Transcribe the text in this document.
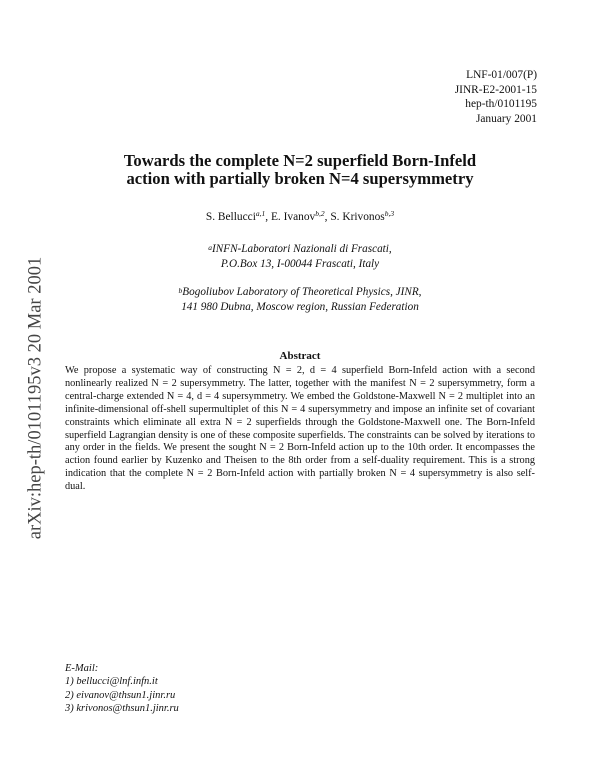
arXiv:hep-th/0101195v3 20 Mar 2001
LNF-01/007(P)
JINR-E2-2001-15
hep-th/0101195
January 2001
Towards the complete N=2 superfield Born-Infeld
action with partially broken N=4 supersymmetry
S. Bellucci$^{a,1}$, E. Ivanov$^{b,2}$, S. Krivonos$^{b,3}$
$^a$INFN-Laboratori Nazionali di Frascati,
P.O.Box 13, I-00044 Frascati, Italy
$^b$Bogoliubov Laboratory of Theoretical Physics, JINR,
141 980 Dubna, Moscow region, Russian Federation
Abstract
We propose a systematic way of constructing N = 2, d = 4 superfield Born-Infeld action with a second nonlinearly realized N = 2 supersymmetry. The latter, together with the manifest N = 2 supersymmetry, form a central-charge extended N = 4, d = 4 supersymmetry. We embed the Goldstone-Maxwell N = 2 multiplet into an infinite-dimensional off-shell supermultiplet of this N = 4 supersymmetry and impose an infinite set of covariant constraints which eliminate all extra N = 2 superfields through the Goldstone-Maxwell one. The Born-Infeld superfield Lagrangian density is one of these composite superfields. The constraints can be solved by iterations to any order in the fields. We present the sought N = 2 Born-Infeld action up to the 10th order. It encompasses the action found earlier by Kuzenko and Theisen to the 8th order from a self-duality requirement. This is a strong indication that the complete N = 2 Born-Infeld action with partially broken N = 4 supersymmetry is also self-dual.
E-Mail:
1) bellucci@lnf.infn.it
2) eivanov@thsun1.jinr.ru
3) krivonos@thsun1.jinr.ru
